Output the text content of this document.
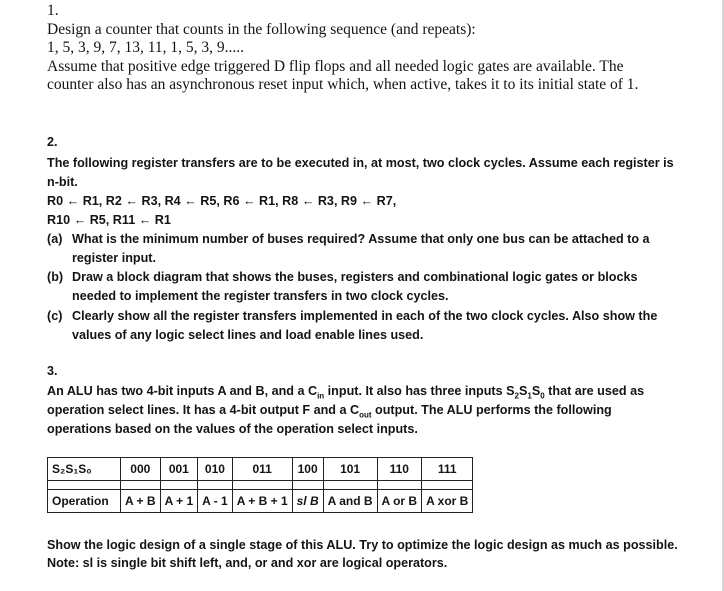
1.
Design a counter that counts in the following sequence (and repeats):
1, 5, 3, 9, 7, 13, 11, 1, 5, 3, 9.....
Assume that positive edge triggered D flip flops and all needed logic gates are available. The
counter also has an asynchronous reset input which, when active, takes it to its initial state of 1.
2.
The following register transfers are to be executed in, at most, two clock cycles. Assume each register is
n-bit.
R0 ← R1, R2 ← R3, R4 ← R5, R6 ← R1, R8 ← R3, R9 ← R7,
R10 ← R5, R11 ← R1
(a) What is the minimum number of buses required? Assume that only one bus can be attached to a
register input.
(b) Draw a block diagram that shows the buses, registers and combinational logic gates or blocks
needed to implement the register transfers in two clock cycles.
(c) Clearly show all the register transfers implemented in each of the two clock cycles. Also show the
values of any logic select lines and load enable lines used.
3.
An ALU has two 4-bit inputs A and B, and a $C_{in}$ input. It also has three inputs $S_2S_1S_0$ that are used as
operation select lines. It has a 4-bit output F and a $C_{out}$ output. The ALU performs the following
operations based on the values of the operation select inputs.
S₂S₁S₀	000	001	010	011	100	101	110	111

Operation	A + B	A + 1	A - 1	A + B + 1	sl B	A and B	A or B	A xor B
Show the logic design of a single stage of this ALU. Try to optimize the logic design as much as possible.
Note: sl is single bit shift left, and, or and xor are logical operators.
